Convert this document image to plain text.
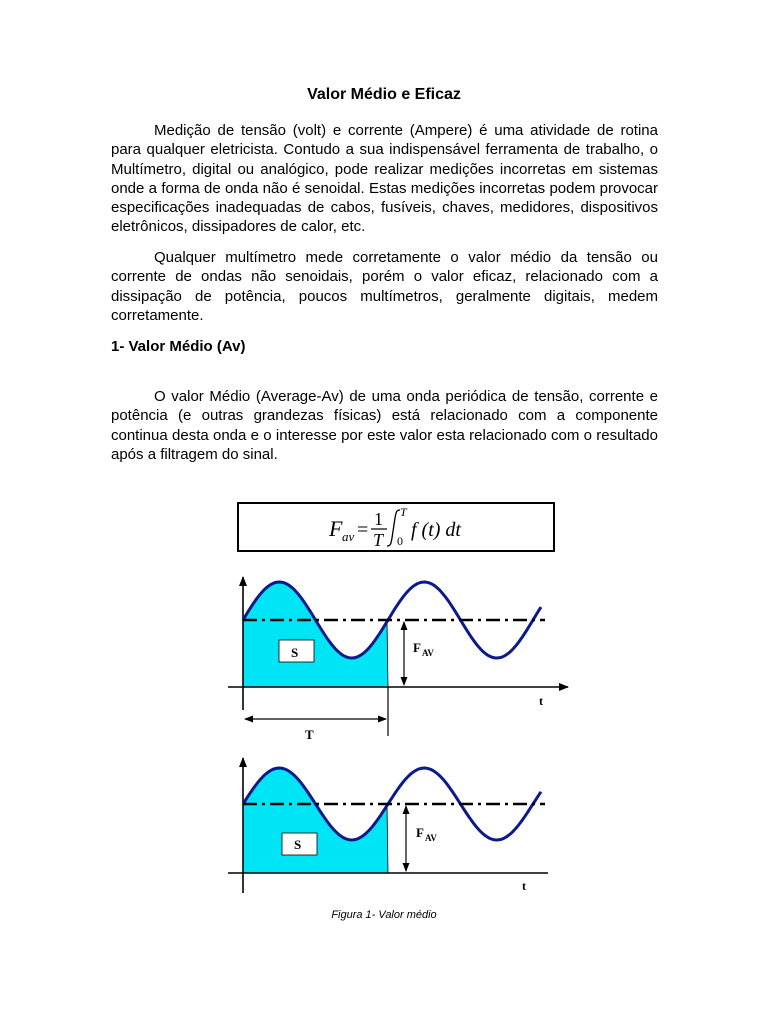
Valor Médio e Eficaz
Medição de tensão (volt) e corrente (Ampere) é uma atividade de rotina para qualquer eletricista. Contudo a sua indispensável ferramenta de trabalho, o Multímetro, digital ou analógico, pode realizar medições incorretas em sistemas onde a forma de onda não é senoidal. Estas medições incorretas podem provocar especificações inadequadas de cabos, fusíveis, chaves, medidores, dispositivos eletrônicos, dissipadores de calor, etc.
Qualquer multímetro mede corretamente o valor médio da tensão ou corrente de ondas não senoidais, porém o valor eficaz, relacionado com a dissipação de potência, poucos multímetros, geralmente digitais, medem corretamente.
1- Valor Médio (Av)
O valor Médio (Average-Av) de uma onda periódica de tensão, corrente e potência (e outras grandezas físicas) está relacionado com a componente continua desta onda e o interesse por este valor esta relacionado com o resultado após a filtragem do sinal.
F av = 1
T
T
0 f (t) dt
S	F AV
t
T
S
F AV
t
Figura 1- Valor médio
